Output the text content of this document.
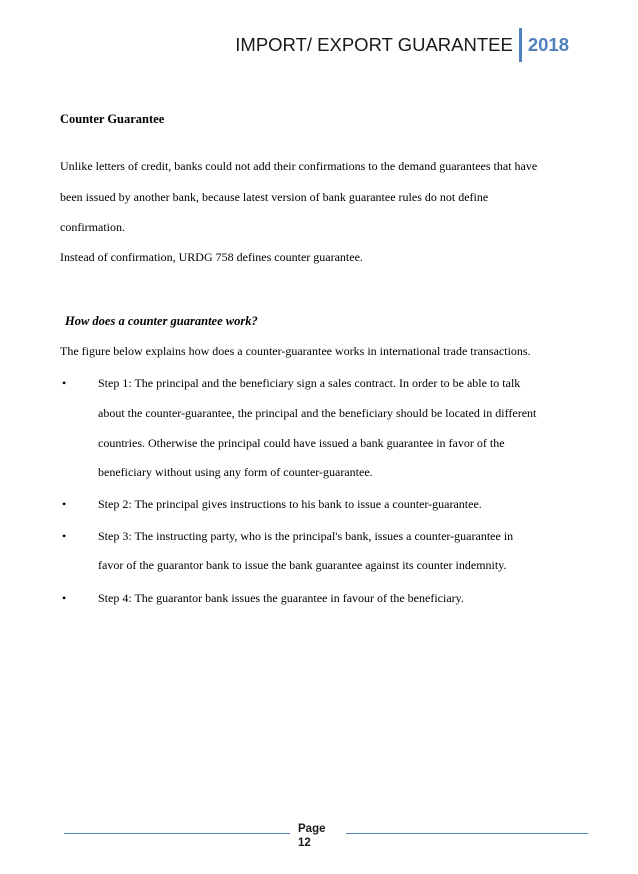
IMPORT/ EXPORT GUARANTEE 2018
Counter Guarantee
Unlike letters of credit, banks could not add their confirmations to the demand guarantees that have
been issued by another bank, because latest version of bank guarantee rules do not define
confirmation.
Instead of confirmation, URDG 758 defines counter guarantee.
How does a counter guarantee work?
The figure below explains how does a counter-guarantee works in international trade transactions.
•	Step 1: The principal and the beneficiary sign a sales contract. In order to be able to talk
about the counter-guarantee, the principal and the beneficiary should be located in different
countries. Otherwise the principal could have issued a bank guarantee in favor of the
beneficiary without using any form of counter-guarantee.
•	Step 2: The principal gives instructions to his bank to issue a counter-guarantee.
•	Step 3: The instructing party, who is the principal's bank, issues a counter-guarantee in
favor of the guarantor bank to issue the bank guarantee against its counter indemnity.
•	Step 4: The guarantor bank issues the guarantee in favour of the beneficiary.
Page
12
